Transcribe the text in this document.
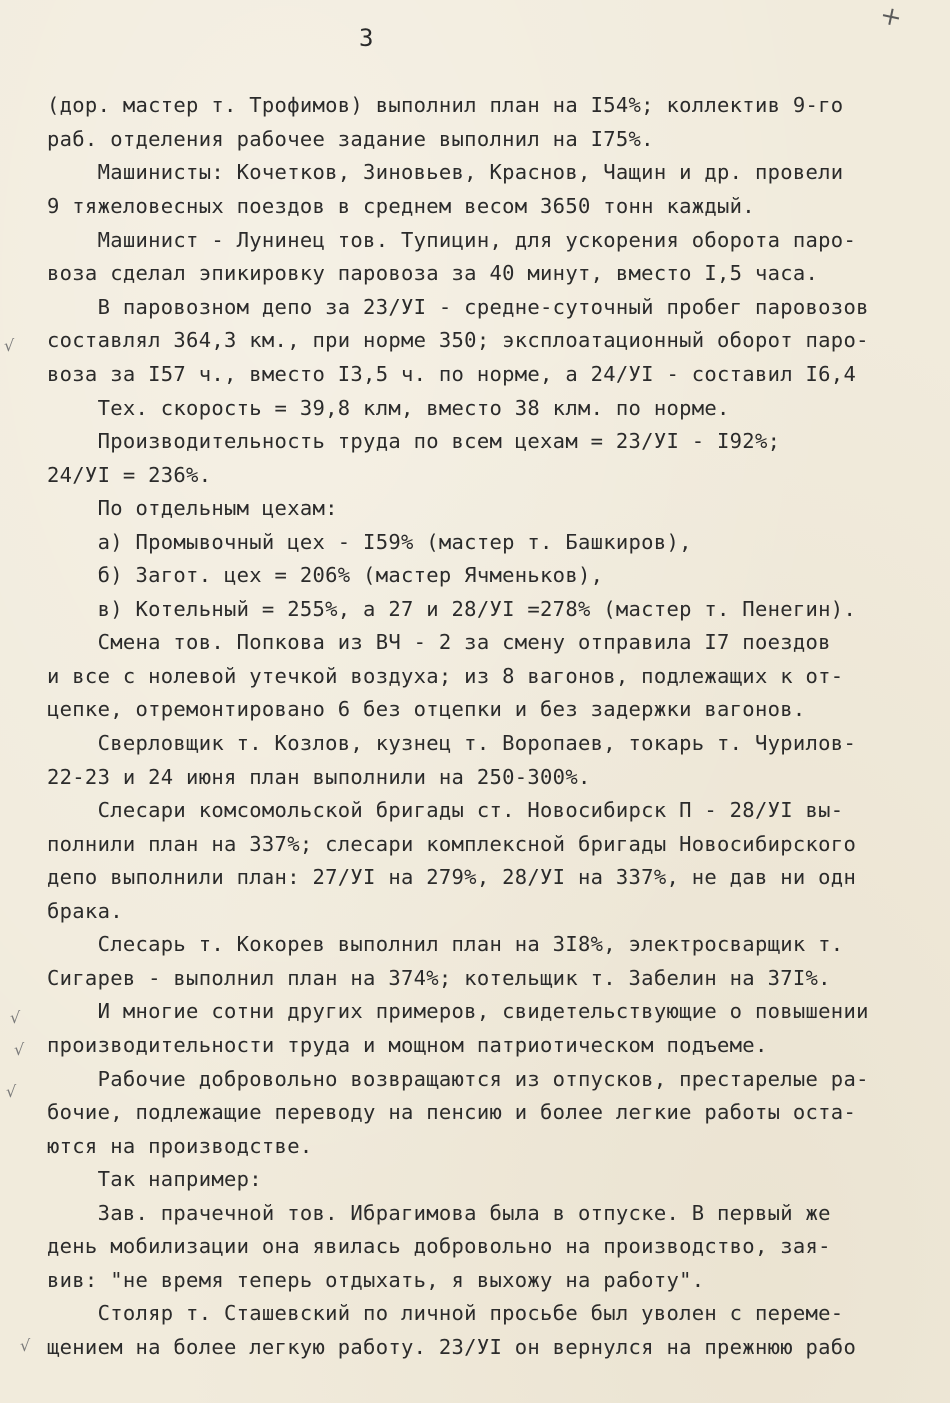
3

+
√
√
√
√
√

(дор. мастер т. Трофимов) выполнил план на I54%; коллектив 9-го

раб. отделения рабочее задание выполнил на I75%.

Машинисты: Кочетков, Зиновьев, Краснов, Чащин и др. провели

9 тяжеловесных поездов в среднем весом 3650 тонн каждый.

Машинист - Лунинец тов. Тупицин, для ускорения оборота паро-

воза сделал эпикировку паровоза за 40 минут, вместо I,5 часа.

В паровозном депо за 23/УI - средне-суточный пробег паровозов

составлял 364,3 км., при норме 350; эксплоатационный оборот паро-

воза за I57 ч., вместо I3,5 ч. по норме, а 24/УI - составил I6,4

Тех. скорость = 39,8 клм, вместо 38 клм. по норме.

Производительность труда по всем цехам = 23/УI - I92%;

24/УI = 236%.

По отдельным цехам:

а) Промывочный цех - I59% (мастер т. Башкиров),

б) Загот. цех = 206% (мастер Ячменьков),

в) Котельный = 255%, а 27 и 28/УI =278% (мастер т. Пенегин).

Смена тов. Попкова из ВЧ - 2 за смену отправила I7 поездов

и все с нолевой утечкой воздуха; из 8 вагонов, подлежащих к от-

цепке, отремонтировано 6 без отцепки и без задержки вагонов.

Сверловщик т. Козлов, кузнец т. Воропаев, токарь т. Чурилов-

22-23 и 24 июня план выполнили на 250-300%.

Слесари комсомольской бригады ст. Новосибирск П - 28/УI вы-

полнили план на 337%; слесари комплексной бригады Новосибирского

депо выполнили план: 27/УI на 279%, 28/УI на 337%, не дав ни одн

брака.

Слесарь т. Кокорев выполнил план на 3I8%, электросварщик т.

Сигарев - выполнил план на 374%; котельщик т. Забелин на 37I%.

И многие сотни других примеров, свидетельствующие о повышении

производительности труда и мощном патриотическом подъеме.

Рабочие добровольно возвращаются из отпусков, престарелые ра-

бочие, подлежащие переводу на пенсию и более легкие работы оста-

ются на производстве.

Так например:

Зав. прачечной тов. Ибрагимова была в отпуске. В первый же

день мобилизации она явилась добровольно на производство, зая-

вив: "не время теперь отдыхать, я выхожу на работу".

Столяр т. Сташевский по личной просьбе был уволен с переме-

щением на более легкую работу. 23/УI он вернулся на прежнюю рабо
